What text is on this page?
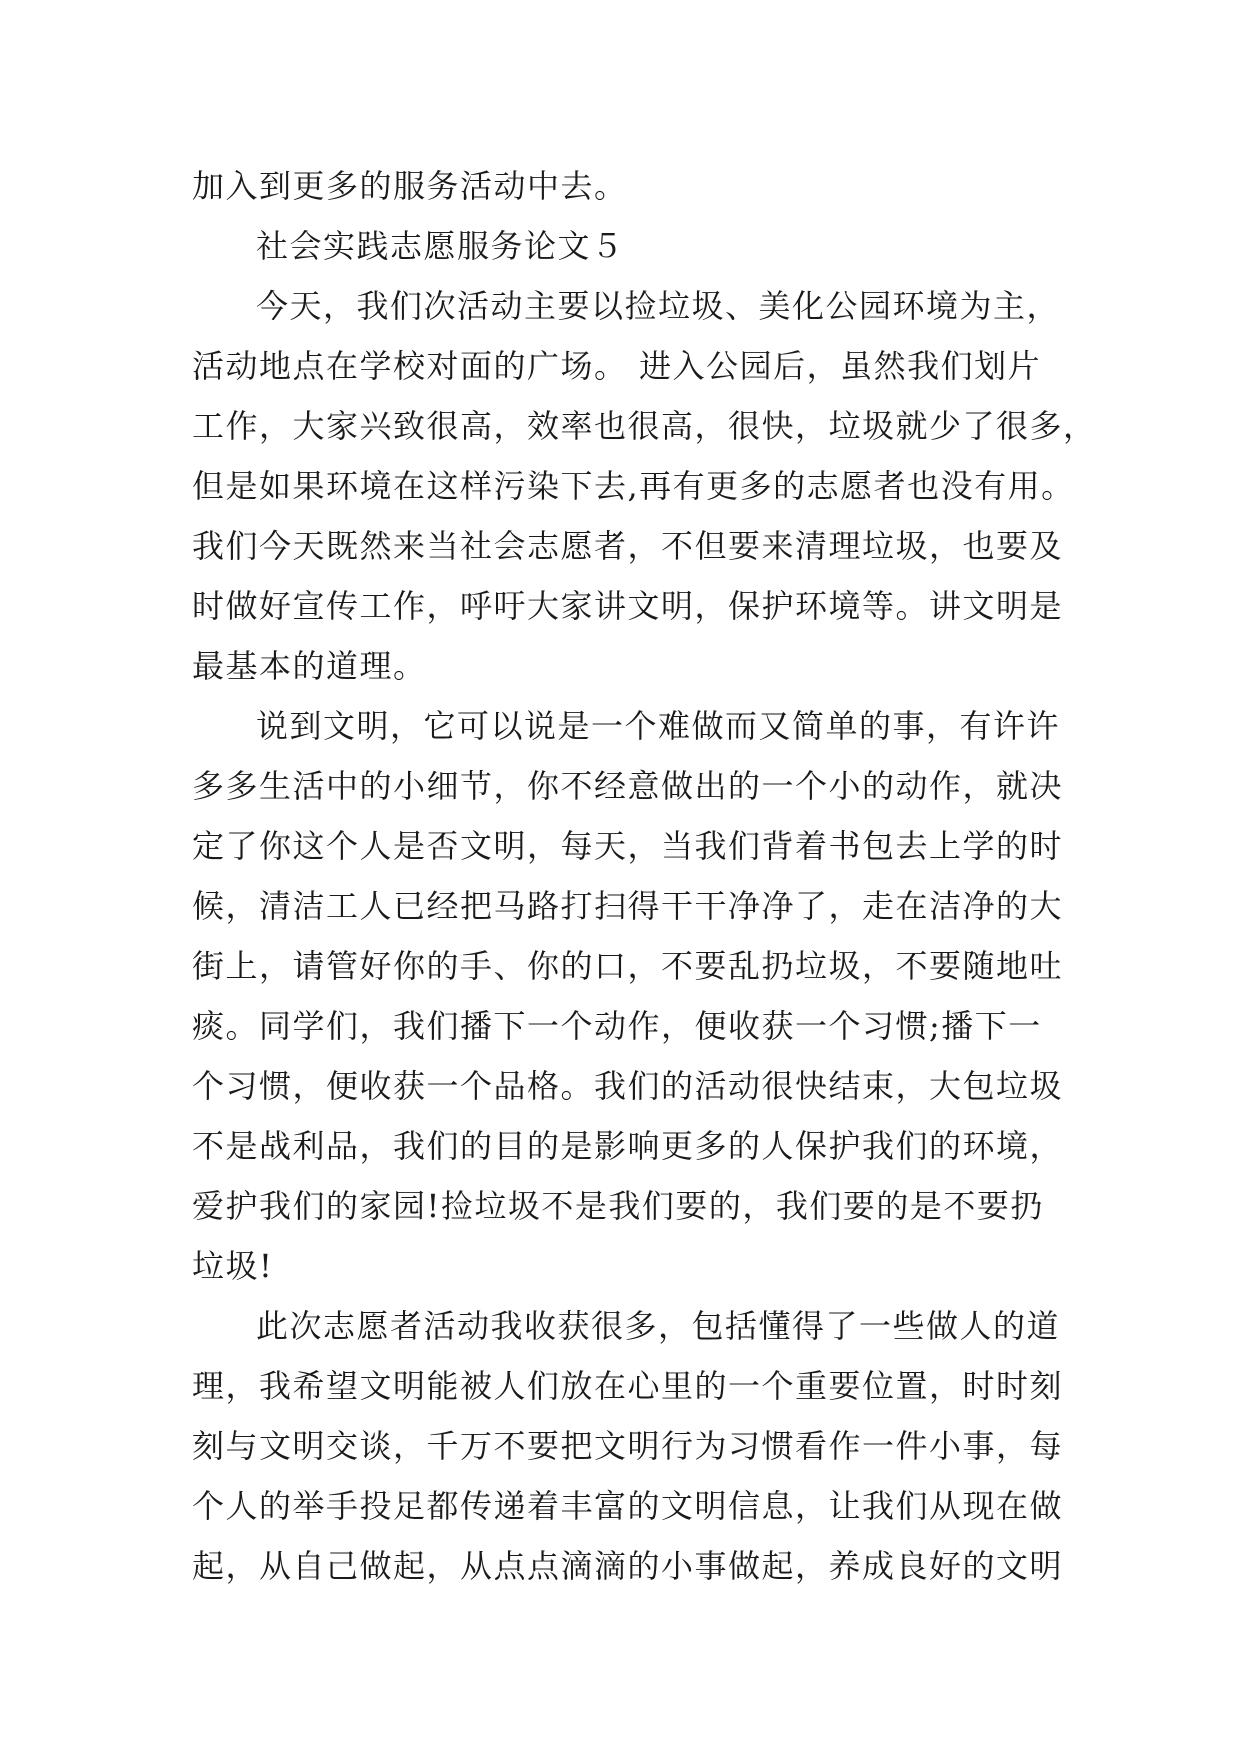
加入到更多的服务活动中去。
社会实践志愿服务论文５
今天，我们次活动主要以捡垃圾、美化公园环境为主，
活动地点在学校对面的广场。 进入公园后，虽然我们划片
工作，大家兴致很高，效率也很高，很快，垃圾就少了很多，
但是如果环境在这样污染下去,再有更多的志愿者也没有用。
我们今天既然来当社会志愿者，不但要来清理垃圾，也要及
时做好宣传工作，呼吁大家讲文明，保护环境等。讲文明是
最基本的道理。
说到文明，它可以说是一个难做而又简单的事，有许许
多多生活中的小细节，你不经意做出的一个小的动作，就决
定了你这个人是否文明，每天，当我们背着书包去上学的时
候，清洁工人已经把马路打扫得干干净净了，走在洁净的大
街上，请管好你的手、你的口，不要乱扔垃圾，不要随地吐
痰。同学们，我们播下一个动作，便收获一个习惯;播下一
个习惯，便收获一个品格。我们的活动很快结束，大包垃圾
不是战利品，我们的目的是影响更多的人保护我们的环境，
爱护我们的家园!捡垃圾不是我们要的，我们要的是不要扔
垃圾!
此次志愿者活动我收获很多，包括懂得了一些做人的道
理，我希望文明能被人们放在心里的一个重要位置，时时刻
刻与文明交谈，千万不要把文明行为习惯看作一件小事，每
个人的举手投足都传递着丰富的文明信息，让我们从现在做
起，从自己做起，从点点滴滴的小事做起，养成良好的文明
